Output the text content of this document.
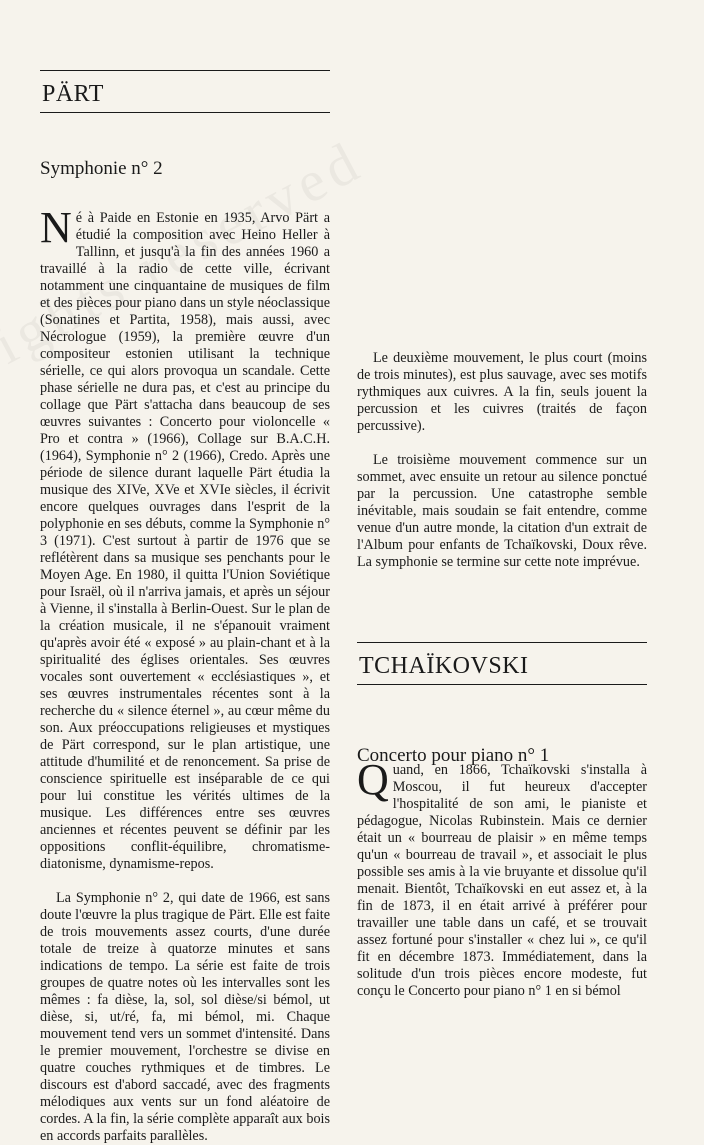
PÄRT
Symphonie n° 2

Né à Paide en Estonie en 1935, Arvo Pärt a étudié la composition avec Heino Heller à Tallinn, et jusqu'à la fin des années 1960 a travaillé à la radio de cette ville, écrivant notamment une cinquantaine de musiques de film et des pièces pour piano dans un style néoclassique (Sonatines et Partita, 1958), mais aussi, avec Nécrologue (1959), la première œuvre d'un compositeur estonien utilisant la technique sérielle, ce qui alors provoqua un scandale. Cette phase sérielle ne dura pas, et c'est au principe du collage que Pärt s'attacha dans beaucoup de ses œuvres suivantes : Concerto pour violoncelle « Pro et contra » (1966), Collage sur B.A.C.H. (1964), Symphonie n° 2 (1966), Credo. Après une période de silence durant laquelle Pärt étudia la musique des XIVe, XVe et XVIe siècles, il écrivit encore quelques ouvrages dans l'esprit de la polyphonie en ses débuts, comme la Symphonie n° 3 (1971). C'est surtout à partir de 1976 que se reflétèrent dans sa musique ses penchants pour le Moyen Age. En 1980, il quitta l'Union Soviétique pour Israël, où il n'arriva jamais, et après un séjour à Vienne, il s'installa à Berlin-Ouest. Sur le plan de la création musicale, il ne s'épanouit vraiment qu'après avoir été « exposé » au plain-chant et à la spiritualité des églises orientales. Ses œuvres vocales sont ouvertement « ecclésiastiques », et ses œuvres instrumentales récentes sont à la recherche du « silence éternel », au cœur même du son. Aux préoccupations religieuses et mystiques de Pärt correspond, sur le plan artistique, une attitude d'humilité et de renoncement. Sa prise de conscience spirituelle est inséparable de ce qui pour lui constitue les vérités ultimes de la musique. Les différences entre ses œuvres anciennes et récentes peuvent se définir par les oppositions conflit-équilibre, chromatisme-diatonisme, dynamisme-repos.

La Symphonie n° 2, qui date de 1966, est sans doute l'œuvre la plus tragique de Pärt. Elle est faite de trois mouvements assez courts, d'une durée totale de treize à quatorze minutes et sans indications de tempo. La série est faite de trois groupes de quatre notes où les intervalles sont les mêmes : fa dièse, la, sol, sol dièse/si bémol, ut dièse, si, ut/ré, fa, mi bémol, mi. Chaque mouvement tend vers un sommet d'intensité. Dans le premier mouvement, l'orchestre se divise en quatre couches rythmiques et de timbres. Le discours est d'abord saccadé, avec des fragments mélodiques aux vents sur un fond aléatoire de cordes. A la fin, la série complète apparaît aux bois en accords parfaits parallèles.

Le deuxième mouvement, le plus court (moins de trois minutes), est plus sauvage, avec ses motifs rythmiques aux cuivres. A la fin, seuls jouent la percussion et les cuivres (traités de façon percussive).

Le troisième mouvement commence sur un sommet, avec ensuite un retour au silence ponctué par la percussion. Une catastrophe semble inévitable, mais soudain se fait entendre, comme venue d'un autre monde, la citation d'un extrait de l'Album pour enfants de Tchaïkovski, Doux rêve. La symphonie se termine sur cette note imprévue.

TCHAÏKOVSKI
Concerto pour piano n° 1

Quand, en 1866, Tchaïkovski s'installa à Moscou, il fut heureux d'accepter l'hospitalité de son ami, le pianiste et pédagogue, Nicolas Rubinstein. Mais ce dernier était un « bourreau de plaisir » en même temps qu'un « bourreau de travail », et associait le plus possible ses amis à la vie bruyante et dissolue qu'il menait. Bientôt, Tchaïkovski en eut assez et, à la fin de 1873, il en était arrivé à préférer pour travailler une table dans un café, et se trouvait assez fortuné pour s'installer « chez lui », ce qu'il fit en décembre 1873. Immédiatement, dans la solitude d'un trois pièces encore modeste, fut conçu le Concerto pour piano n° 1 en si bémol
